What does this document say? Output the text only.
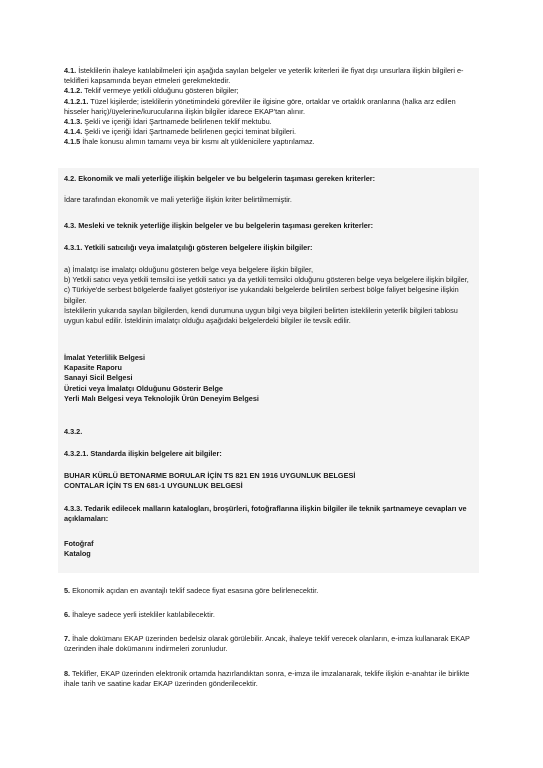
4.1. İsteklilerin ihaleye katılabilmeleri için aşağıda sayılan belgeler ve yeterlik kriterleri ile fiyat dışı unsurlara ilişkin bilgileri e-teklifleri kapsamında beyan etmeleri gerekmektedir.

4.1.2. Teklif vermeye yetkili olduğunu gösteren bilgiler;

4.1.2.1. Tüzel kişilerde; isteklilerin yönetimindeki görevliler ile ilgisine göre, ortaklar ve ortaklık oranlarına (halka arz edilen hisseler hariç)/üyelerine/kurucularına ilişkin bilgiler idarece EKAP'tan alınır.

4.1.3. Şekli ve içeriği İdari Şartnamede belirlenen teklif mektubu.

4.1.4. Şekli ve içeriği İdari Şartnamede belirlenen geçici teminat bilgileri.

4.1.5 İhale konusu alımın tamamı veya bir kısmı alt yüklenicilere yaptırılamaz.

4.2. Ekonomik ve mali yeterliğe ilişkin belgeler ve bu belgelerin taşıması gereken kriterler:
İdare tarafından ekonomik ve mali yeterliğe ilişkin kriter belirtilmemiştir.
4.3. Mesleki ve teknik yeterliğe ilişkin belgeler ve bu belgelerin taşıması gereken kriterler:
4.3.1. Yetkili satıcılığı veya imalatçılığı gösteren belgelere ilişkin bilgiler:

a) İmalatçı ise imalatçı olduğunu gösteren belge veya belgelere ilişkin bilgiler,

b) Yetkili satıcı veya yetkili temsilci ise yetkili satıcı ya da yetkili temsilci olduğunu gösteren belge veya belgelere ilişkin bilgiler,

c) Türkiye'de serbest bölgelerde faaliyet gösteriyor ise yukarıdaki belgelerde belirtilen serbest bölge faliyet belgesine ilişkin bilgiler.

İsteklilerin yukarıda sayılan bilgilerden, kendi durumuna uygun bilgi veya bilgileri belirten isteklilerin yeterlik bilgileri tablosu uygun kabul edilir. İsteklinin imalatçı olduğu aşağıdaki belgelerdeki bilgiler ile tevsik edilir.

İmalat Yeterlilik Belgesi

Kapasite Raporu

Sanayi Sicil Belgesi

Üretici veya İmalatçı Olduğunu Gösterir Belge

Yerli Malı Belgesi veya Teknolojik Ürün Deneyim Belgesi

4.3.2.
4.3.2.1. Standarda ilişkin belgelere ait bilgiler:

BUHAR KÜRLÜ BETONARME BORULAR İÇİN TS 821 EN 1916 UYGUNLUK BELGESİ

CONTALAR İÇİN TS EN 681-1 UYGUNLUK BELGESİ

4.3.3. Tedarik edilecek malların katalogları, broşürleri, fotoğraflarına ilişkin bilgiler ile teknik şartnameye cevapları ve açıklamaları:

Fotoğraf

Katalog

5. Ekonomik açıdan en avantajlı teklif sadece fiyat esasına göre belirlenecektir.
6. İhaleye sadece yerli istekliler katılabilecektir.
7. İhale dokümanı EKAP üzerinden bedelsiz olarak görülebilir. Ancak, ihaleye teklif verecek olanların, e-imza kullanarak EKAP üzerinden ihale dokümanını indirmeleri zorunludur.
8. Teklifler, EKAP üzerinden elektronik ortamda hazırlandıktan sonra, e-imza ile imzalanarak, teklife ilişkin e-anahtar ile birlikte ihale tarih ve saatine kadar EKAP üzerinden gönderilecektir.
